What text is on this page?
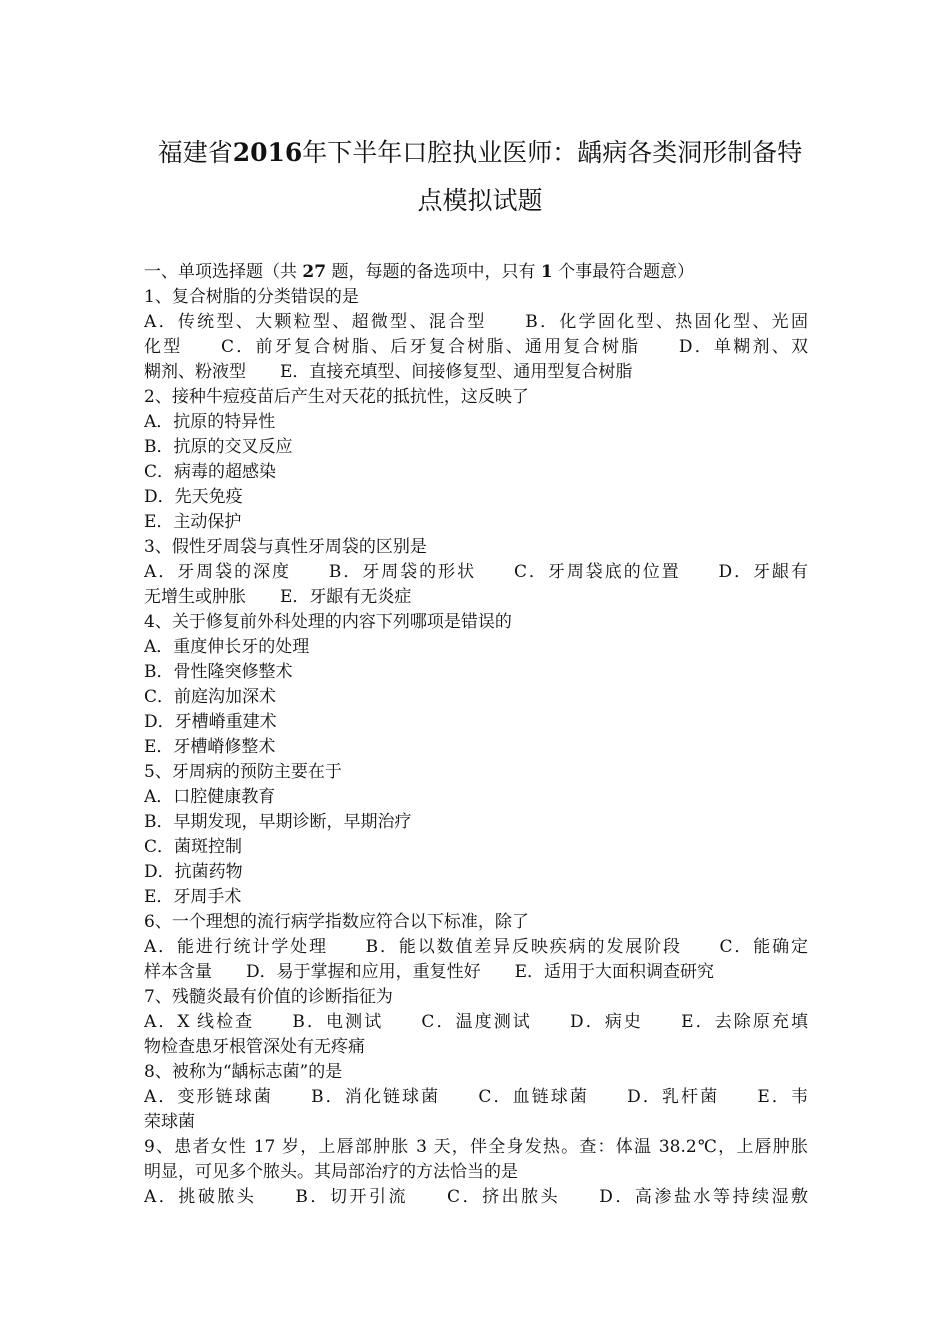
福建省2016年下半年口腔执业医师：龋病各类洞形制备特
点模拟试题
一、单项选择题（共 27 题，每题的备选项中，只有 1 个事最符合题意）
1、复合树脂的分类错误的是
A．传统型、大颗粒型、超微型、混合型　　B．化学固化型、热固化型、光固
化型　　C．前牙复合树脂、后牙复合树脂、通用复合树脂　　D．单糊剂、双
糊剂、粉液型　　E．直接充填型、间接修复型、通用型复合树脂
2、接种牛痘疫苗后产生对天花的抵抗性，这反映了
A．抗原的特异性
B．抗原的交叉反应
C．病毒的超感染
D．先天免疫
E．主动保护
3、假性牙周袋与真性牙周袋的区别是
A．牙周袋的深度　　B．牙周袋的形状　　C．牙周袋底的位置　　D．牙龈有
无增生或肿胀　　E．牙龈有无炎症
4、关于修复前外科处理的内容下列哪项是错误的
A．重度伸长牙的处理
B．骨性隆突修整术
C．前庭沟加深术
D．牙槽嵴重建术
E．牙槽嵴修整术
5、牙周病的预防主要在于
A．口腔健康教育
B．早期发现，早期诊断，早期治疗
C．菌斑控制
D．抗菌药物
E．牙周手术
6、一个理想的流行病学指数应符合以下标准，除了
A．能进行统计学处理　　B．能以数值差异反映疾病的发展阶段　　C．能确定
样本含量　　D．易于掌握和应用，重复性好　　E．适用于大面积调查研究
7、残髓炎最有价值的诊断指征为
A．X 线检查　　B．电测试　　C．温度测试　　D．病史　　E．去除原充填
物检查患牙根管深处有无疼痛
8、被称为“龋标志菌”的是
A．变形链球菌　　B．消化链球菌　　C．血链球菌　　D．乳杆菌　　E．韦
荣球菌
9、患者女性 17 岁，上唇部肿胀 3 天，伴全身发热。查：体温 38.2℃，上唇肿胀
明显，可见多个脓头。其局部治疗的方法恰当的是
A．挑破脓头　　B．切开引流　　C．挤出脓头　　D．高渗盐水等持续湿敷
